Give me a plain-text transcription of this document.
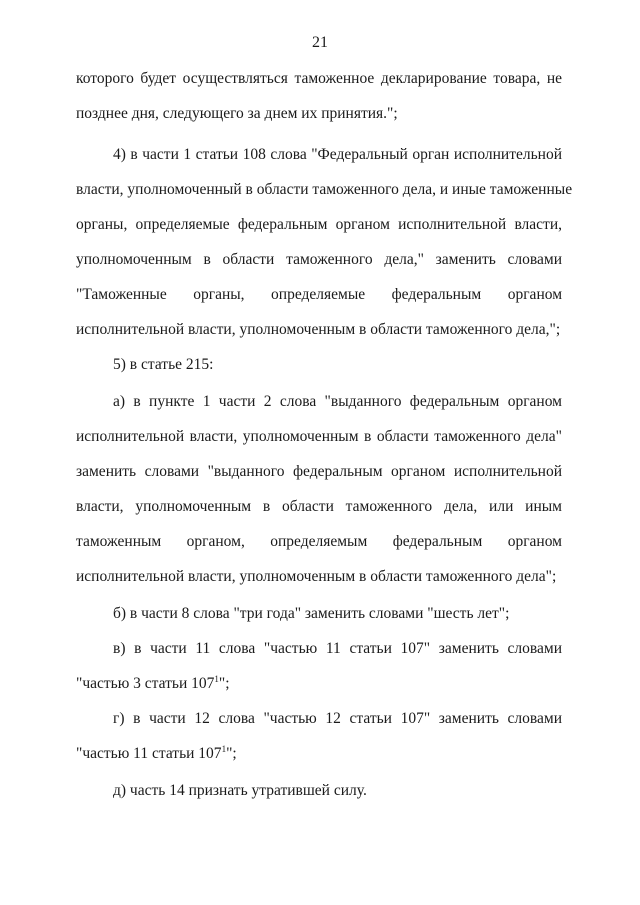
21
которого будет осуществляться таможенное декларирование товара, не
позднее дня, следующего за днем их принятия.";
4) в части 1 статьи 108 слова "Федеральный орган исполнительной
власти, уполномоченный в области таможенного дела, и иные таможенные
органы, определяемые федеральным органом исполнительной власти,
уполномоченным в области таможенного дела," заменить словами
"Таможенные органы, определяемые федеральным органом
исполнительной власти, уполномоченным в области таможенного дела,";
5) в статье 215:
а) в пункте 1 части 2 слова "выданного федеральным органом
исполнительной власти, уполномоченным в области таможенного дела"
заменить словами "выданного федеральным органом исполнительной
власти, уполномоченным в области таможенного дела, или иным
таможенным органом, определяемым федеральным органом
исполнительной власти, уполномоченным в области таможенного дела";
б) в части 8 слова "три года" заменить словами "шесть лет";
в) в части 11 слова "частью 11 статьи 107" заменить словами
"частью 3 статьи $107^1$";
г) в части 12 слова "частью 12 статьи 107" заменить словами
"частью 11 статьи $107^1$";
д) часть 14 признать утратившей силу.
